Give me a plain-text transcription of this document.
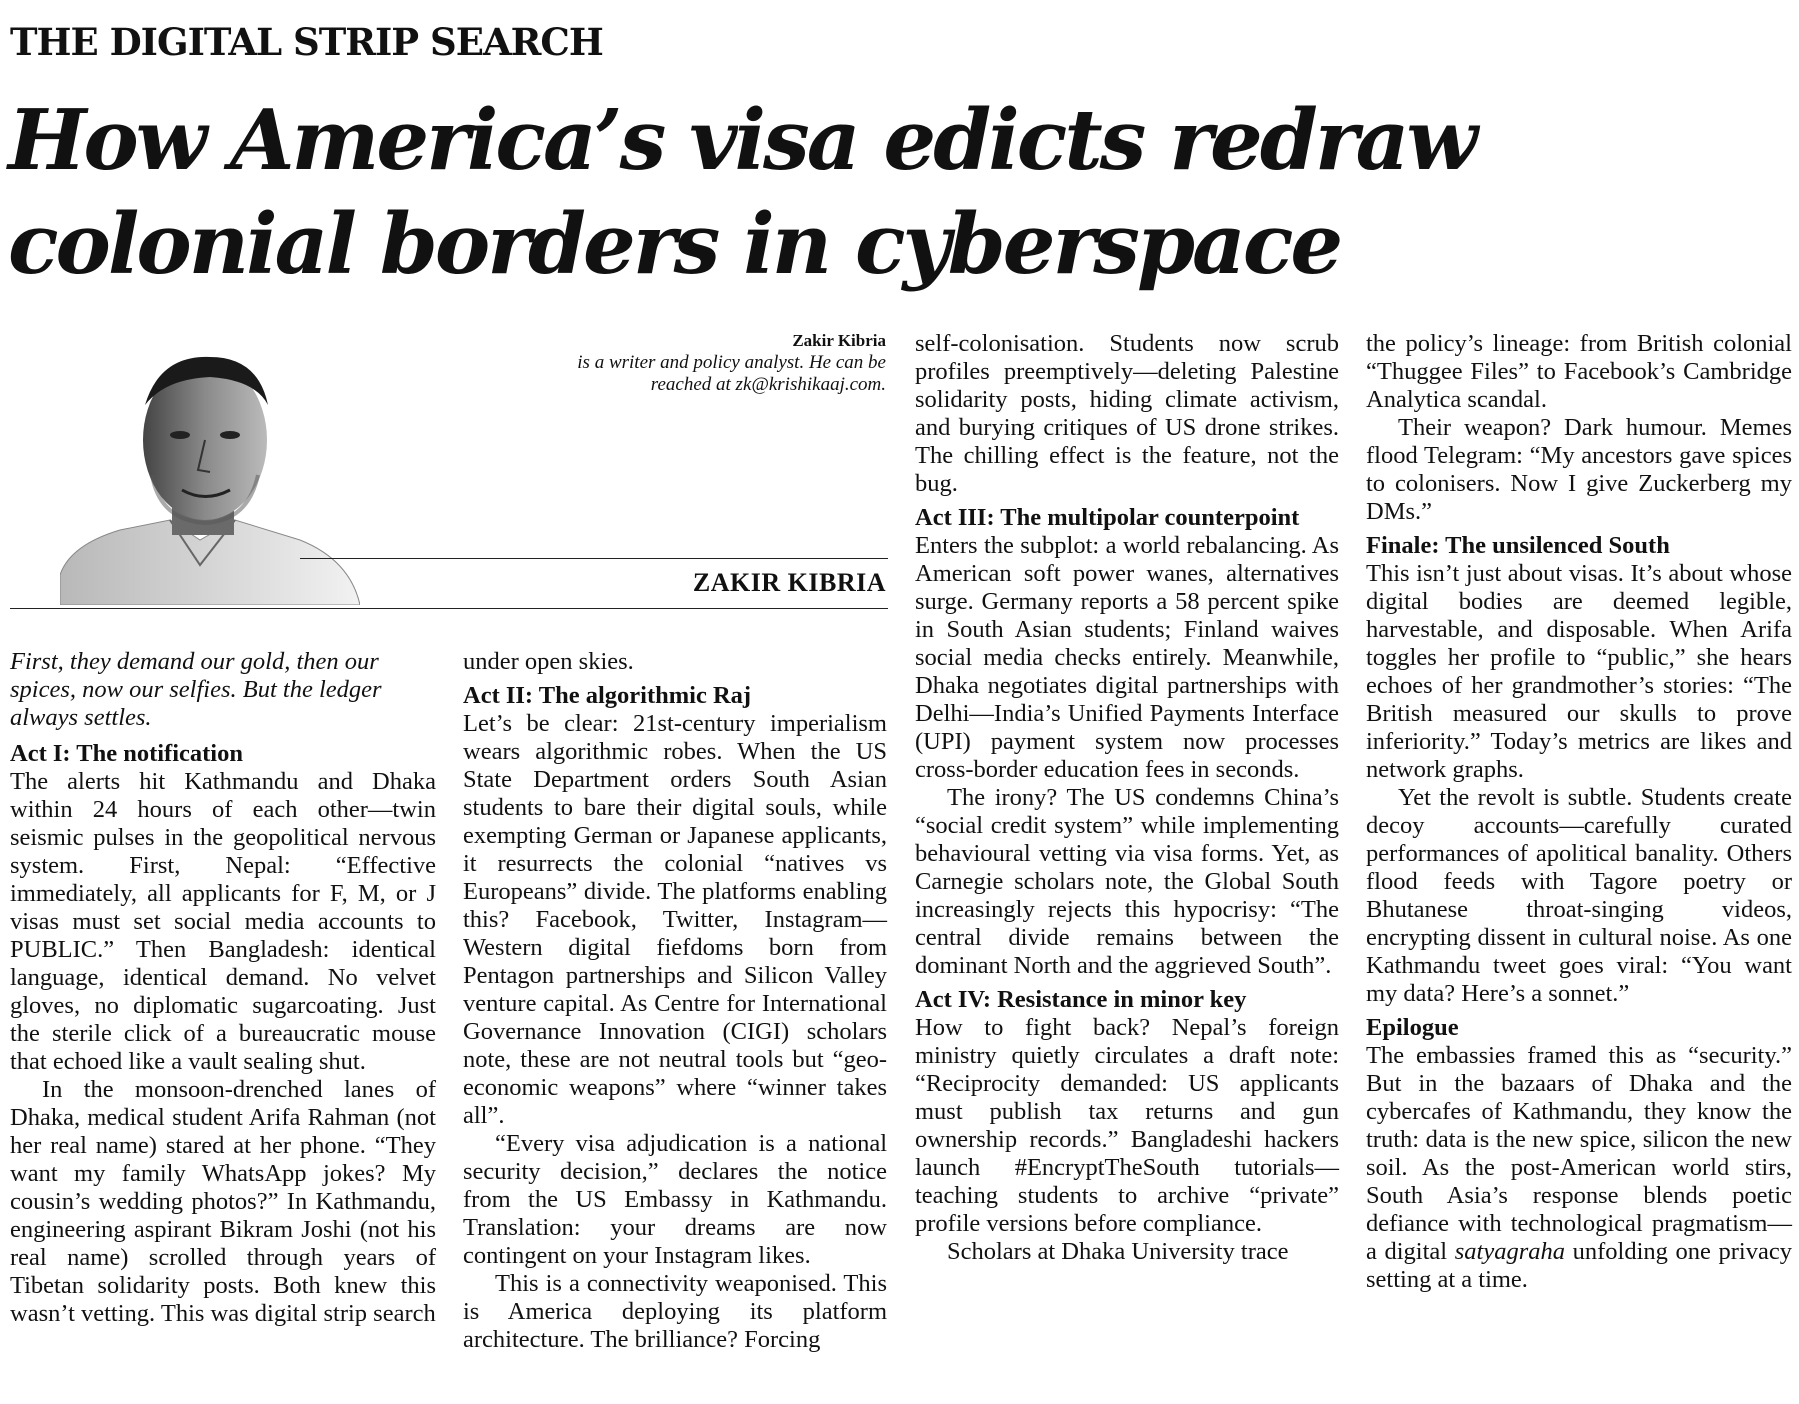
THE DIGITAL STRIP SEARCH
How America’s visa edicts redraw
colonial borders in cyberspace
Zakir Kibria
is a writer and policy analyst. He can be
reached at zk@krishikaaj.com.
ZAKIR KIBRIA

First, they demand our gold, then our spices, now our selfies. But the ledger always settles.

Act I: The notification

The alerts hit Kathmandu and Dhaka within 24 hours of each other—twin seismic pulses in the geopolitical nervous system. First, Nepal: “Effective immediately, all applicants for F, M, or J visas must set social media accounts to PUBLIC.” Then Bangladesh: identical language, identical demand. No velvet gloves, no diplomatic sugarcoating. Just the sterile click of a bureaucratic mouse that echoed like a vault sealing shut.

In the monsoon-drenched lanes of Dhaka, medical student Arifa Rahman (not her real name) stared at her phone. “They want my family WhatsApp jokes? My cousin’s wedding photos?” In Kathmandu, engineering aspirant Bikram Joshi (not his real name) scrolled through years of Tibetan solidarity posts. Both knew this wasn’t vetting. This was digital strip search

under open skies.

Act II: The algorithmic Raj

Let’s be clear: 21st-century imperialism wears algorithmic robes. When the US State Department orders South Asian students to bare their digital souls, while exempting German or Japanese applicants, it resurrects the colonial “natives vs Europeans” divide. The platforms enabling this? Facebook, Twitter, Instagram—Western digital fiefdoms born from Pentagon partnerships and Silicon Valley venture capital. As Centre for International Governance Innovation (CIGI) scholars note, these are not neutral tools but “geo-economic weapons” where “winner takes all”.

“Every visa adjudication is a national security decision,” declares the notice from the US Embassy in Kathmandu. Translation: your dreams are now contingent on your Instagram likes.

This is a connectivity weaponised. This is America deploying its platform architecture. The brilliance? Forcing

self-colonisation. Students now scrub profiles preemptively—deleting Palestine solidarity posts, hiding climate activism, and burying critiques of US drone strikes. The chilling effect is the feature, not the bug.

Act III: The multipolar counterpoint

Enters the subplot: a world rebalancing. As American soft power wanes, alternatives surge. Germany reports a 58 percent spike in South Asian students; Finland waives social media checks entirely. Meanwhile, Dhaka negotiates digital partnerships with Delhi—India’s Unified Payments Interface (UPI) payment system now processes cross-border education fees in seconds.

The irony? The US condemns China’s “social credit system” while implementing behavioural vetting via visa forms. Yet, as Carnegie scholars note, the Global South increasingly rejects this hypocrisy: “The central divide remains between the dominant North and the aggrieved South”.

Act IV: Resistance in minor key

How to fight back? Nepal’s foreign ministry quietly circulates a draft note: “Reciprocity demanded: US applicants must publish tax returns and gun ownership records.” Bangladeshi hackers launch #EncryptTheSouth tutorials—teaching students to archive “private” profile versions before compliance.

Scholars at Dhaka University trace

the policy’s lineage: from British colonial “Thuggee Files” to Facebook’s Cambridge Analytica scandal.

Their weapon? Dark humour. Memes flood Telegram: “My ancestors gave spices to colonisers. Now I give Zuckerberg my DMs.”

Finale: The unsilenced South

This isn’t just about visas. It’s about whose digital bodies are deemed legible, harvestable, and disposable. When Arifa toggles her profile to “public,” she hears echoes of her grandmother’s stories: “The British measured our skulls to prove inferiority.” Today’s metrics are likes and network graphs.

Yet the revolt is subtle. Students create decoy accounts—carefully curated performances of apolitical banality. Others flood feeds with Tagore poetry or Bhutanese throat-singing videos, encrypting dissent in cultural noise. As one Kathmandu tweet goes viral: “You want my data? Here’s a sonnet.”

Epilogue

The embassies framed this as “security.” But in the bazaars of Dhaka and the cybercafes of Kathmandu, they know the truth: data is the new spice, silicon the new soil. As the post-American world stirs, South Asia’s response blends poetic defiance with technological pragmatism—a digital satyagraha unfolding one privacy setting at a time.
